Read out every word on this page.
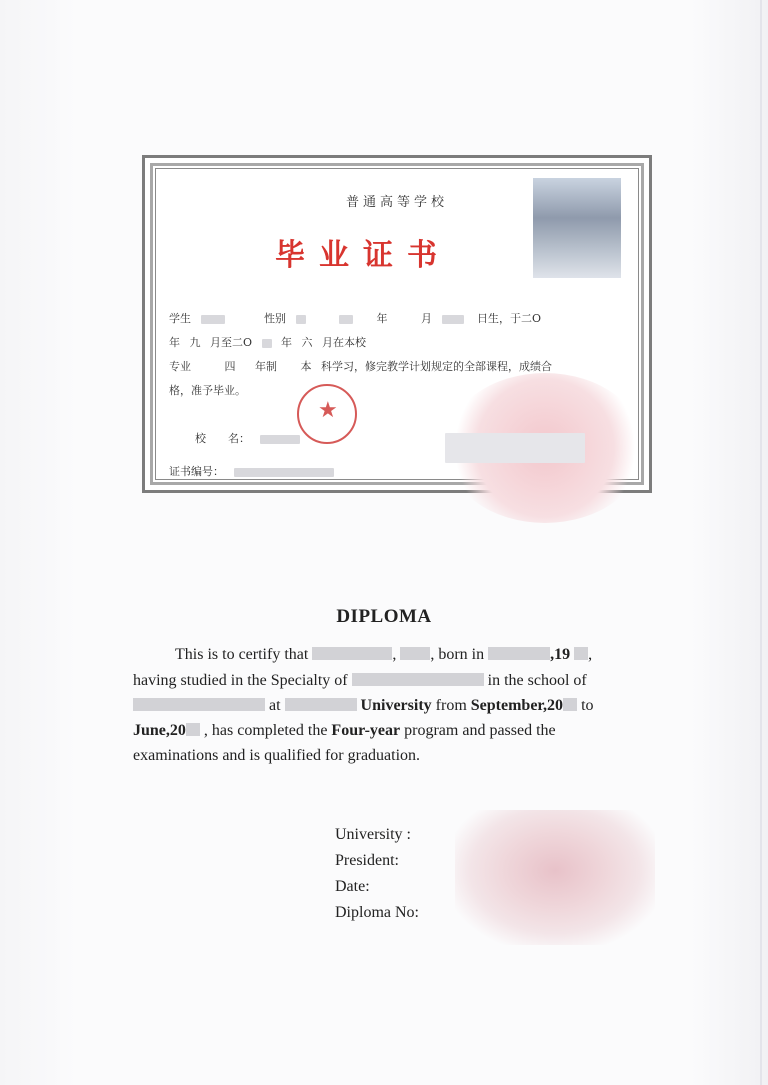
普通高等学校
毕业证书
学生	性别	年	月	日生，于二O
年 九 月至二O	年 六 月在本校
专业	四 年制 本 科学习，修完教学计划规定的全部课程，成绩合
格，准予毕业。
校　　名：
证书编号：
★
DIPLOMA
This is to certify that	, , born in	,19 ,
having studied in the Specialty of	in the school of
at	University from September,20 to
June,20 , has completed the Four-year program and passed the
examinations and is qualified for graduation.
University :
President:
Date:
Diploma No:
